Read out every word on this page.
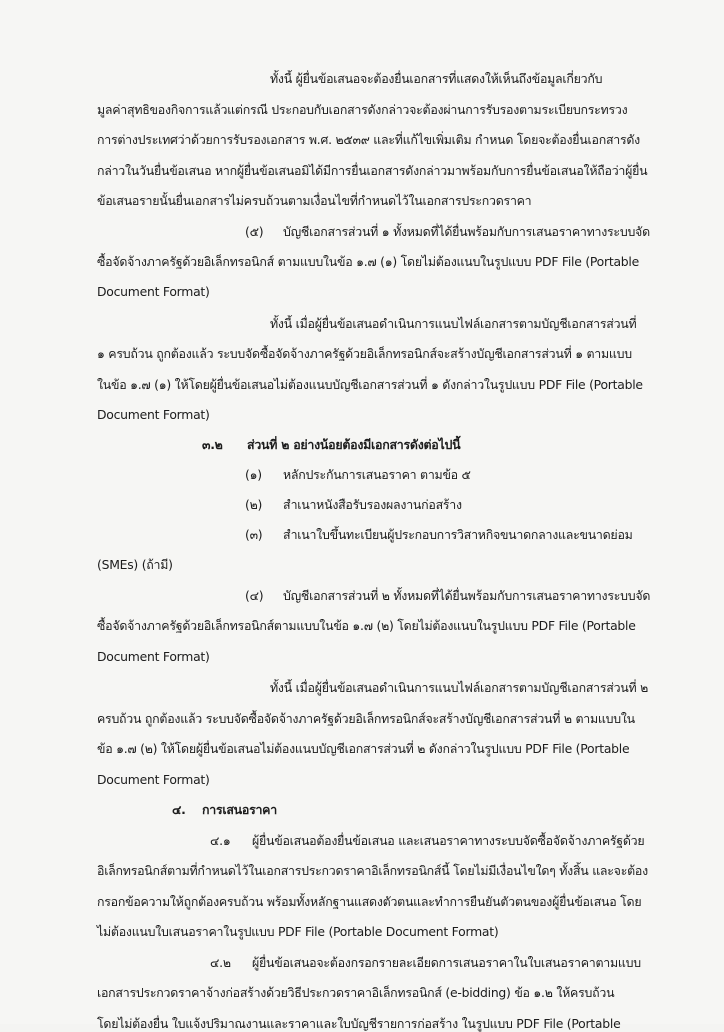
ทั้งนี้ ผู้ยื่นข้อเสนอจะต้องยื่นเอกสารที่แสดงให้เห็นถึงข้อมูลเกี่ยวกับ
มูลค่าสุทธิของกิจการแล้วแต่กรณี ประกอบกับเอกสารดังกล่าวจะต้องผ่านการรับรองตามระเบียบกระทรวง
การต่างประเทศว่าด้วยการรับรองเอกสาร พ.ศ. ๒๕๓๙ และที่แก้ไขเพิ่มเติม กำหนด โดยจะต้องยื่นเอกสารดัง
กล่าวในวันยื่นข้อเสนอ หากผู้ยื่นข้อเสนอมิได้มีการยื่นเอกสารดังกล่าวมาพร้อมกับการยื่นข้อเสนอให้ถือว่าผู้ยื่น
ข้อเสนอรายนั้นยื่นเอกสารไม่ครบถ้วนตามเงื่อนไขที่กำหนดไว้ในเอกสารประกวดราคา
(๕)	บัญชีเอกสารส่วนที่ ๑ ทั้งหมดที่ได้ยื่นพร้อมกับการเสนอราคาทางระบบจัด
ซื้อจัดจ้างภาครัฐด้วยอิเล็กทรอนิกส์ ตามแบบในข้อ ๑.๗ (๑) โดยไม่ต้องแนบในรูปแบบ PDF File (Portable
Document Format)
ทั้งนี้ เมื่อผู้ยื่นข้อเสนอดำเนินการแนบไฟล์เอกสารตามบัญชีเอกสารส่วนที่
๑ ครบถ้วน ถูกต้องแล้ว ระบบจัดซื้อจัดจ้างภาครัฐด้วยอิเล็กทรอนิกส์จะสร้างบัญชีเอกสารส่วนที่ ๑ ตามแบบ
ในข้อ ๑.๗ (๑) ให้โดยผู้ยื่นข้อเสนอไม่ต้องแนบบัญชีเอกสารส่วนที่ ๑ ดังกล่าวในรูปแบบ PDF File (Portable
Document Format)
๓.๒	ส่วนที่ ๒ อย่างน้อยต้องมีเอกสารดังต่อไปนี้
(๑)	หลักประกันการเสนอราคา ตามข้อ ๕
(๒)	สำเนาหนังสือรับรองผลงานก่อสร้าง
(๓)	สำเนาใบขึ้นทะเบียนผู้ประกอบการวิสาหกิจขนาดกลางและขนาดย่อม
(SMEs) (ถ้ามี)
(๔)	บัญชีเอกสารส่วนที่ ๒ ทั้งหมดที่ได้ยื่นพร้อมกับการเสนอราคาทางระบบจัด
ซื้อจัดจ้างภาครัฐด้วยอิเล็กทรอนิกส์ตามแบบในข้อ ๑.๗ (๒) โดยไม่ต้องแนบในรูปแบบ PDF File (Portable
Document Format)
ทั้งนี้ เมื่อผู้ยื่นข้อเสนอดำเนินการแนบไฟล์เอกสารตามบัญชีเอกสารส่วนที่ ๒
ครบถ้วน ถูกต้องแล้ว ระบบจัดซื้อจัดจ้างภาครัฐด้วยอิเล็กทรอนิกส์จะสร้างบัญชีเอกสารส่วนที่ ๒ ตามแบบใน
ข้อ ๑.๗ (๒) ให้โดยผู้ยื่นข้อเสนอไม่ต้องแนบบัญชีเอกสารส่วนที่ ๒ ดังกล่าวในรูปแบบ PDF File (Portable
Document Format)
๔.	การเสนอราคา
๔.๑	ผู้ยื่นข้อเสนอต้องยื่นข้อเสนอ และเสนอราคาทางระบบจัดซื้อจัดจ้างภาครัฐด้วย
อิเล็กทรอนิกส์ตามที่กำหนดไว้ในเอกสารประกวดราคาอิเล็กทรอนิกส์นี้ โดยไม่มีเงื่อนไขใดๆ ทั้งสิ้น และจะต้อง
กรอกข้อความให้ถูกต้องครบถ้วน พร้อมทั้งหลักฐานแสดงตัวตนและทำการยืนยันตัวตนของผู้ยื่นข้อเสนอ โดย
ไม่ต้องแนบใบเสนอราคาในรูปแบบ PDF File (Portable Document Format)
๔.๒	ผู้ยื่นข้อเสนอจะต้องกรอกรายละเอียดการเสนอราคาในใบเสนอราคาตามแบบ
เอกสารประกวดราคาจ้างก่อสร้างด้วยวิธีประกวดราคาอิเล็กทรอนิกส์ (e-bidding) ข้อ ๑.๒ ให้ครบถ้วน
โดยไม่ต้องยื่น ใบแจ้งปริมาณงานและราคาและใบบัญชีรายการก่อสร้าง ในรูปแบบ PDF File (Portable
